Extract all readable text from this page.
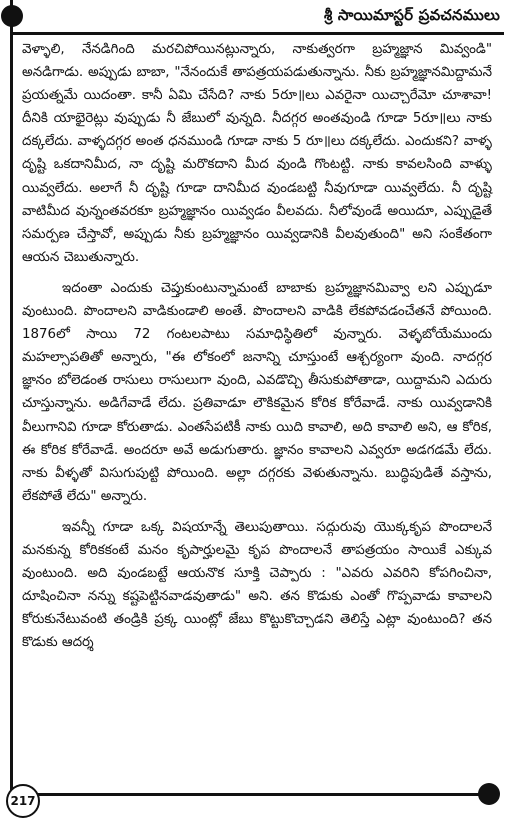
శ్రీ సాయిమాస్టర్ ప్రవచనములు

వెళ్ళాలి, నేనడిగింది మరచిపోయినట్లున్నారు, నాకుత్వరగా బ్రహ్మజ్ఞాన మివ్వండి" అనడిగాడు. అప్పుడు బాబా, "నేనందుకే తాపత్రయపడుతున్నాను. నీకు బ్రహ్మజ్ఞానమిద్దామనే ప్రయత్నమే యిదంతా. కానీ ఏమి చేసేది? నాకు 5రూ॥లు ఎవరైనా యిచ్చారేమో చూశావా! దీనికి యాభైరెట్లు వుప్పుడు నీ జేబులో వున్నది. నీదగ్గర అంతవుండి గూడా 5రూ॥లు నాకు దక్కలేదు. వాళ్ళదగ్గర అంత ధనముండి గూడా నాకు 5 రూ॥లు దక్కలేదు. ఎందుకని? వాళ్ళ దృష్టి ఒకదానిమీద, నా దృష్టి మరొకదాని మీద వుండి గొంటట్టి. నాకు కావలసింది వాళ్ళు యివ్వలేదు. అలాగే నీ దృష్టి గూడా దానిమీద వుండబట్టి నీవుగూడా యివ్వలేదు. నీ దృష్టి వాటిమీద వున్నంతవరకూ బ్రహ్మజ్ఞానం యివ్వడం వీలవదు. నీలోవుండే అయిదూ, ఎప్పుడైతే సమర్పణ చేస్తావో, అప్పుడు నీకు బ్రహ్మజ్ఞానం యివ్వడానికి వీలవుతుంది" అని సంకేతంగా ఆయన చెబుతున్నారు.

ఇదంతా ఎందుకు చెప్తుకుంటున్నామంటే బాబాకు బ్రహ్మజ్ఞానమివ్వా లని ఎప్పుడూ వుంటుంది. పొందాలని వాడికుండాలి అంతే. పొందాలని వాడికి లేకపోవడంచేతనే పోయింది. 1876లో సాయి 72 గంటలపాటు సమాధిస్థితిలో వున్నారు. వెళ్ళబోయేముందు మహల్సాపతితో అన్నారు, "ఈ లోకంలో జనాన్ని చూస్తుంటే ఆశ్చర్యంగా వుంది. నాదగ్గర జ్ఞానం బోలెడంత రాసులు రాసులుగా వుంది, ఎవడొచ్చి తీసుకుపోతాడా, యిద్దామని ఎదురు చూస్తున్నాను. అడిగేవాడే లేదు. ప్రతివాడూ లౌకికమైన కోరిక కోరేవాడే. నాకు యివ్వడానికి వీలుగానివి గూడా కోరుతాడు. ఎంతసేపటికీ నాకు యిది కావాలి, అది కావాలి అని, ఆ కోరిక, ఈ కోరిక కోరేవాడే. అందరూ అవే అడుగుతారు. జ్ఞానం కావాలని ఎవ్వరూ అడగడమే లేదు. నాకు వీళ్ళతో విసుగుపుట్టి పోయింది. అల్లా దగ్గరకు వెళుతున్నాను. బుద్ధిపుడితే వస్తాను, లేకపోతే లేదు" అన్నారు.

ఇవన్నీ గూడా ఒక్క విషయాన్నే తెలుపుతాయి. సద్గురువు యొక్కకృప పొందాలనే మనకున్న కోరికకంటే మనం కృపార్హులమై కృప పొందాలనే తాపత్రయం సాయికే ఎక్కువ వుంటుంది. అది వుండబట్టే ఆయనొక సూక్తి చెప్పారు : "ఎవరు ఎవరిని కోపగించినా, దూషించినా నన్ను కష్టపెట్టినవాడవుతాడు" అని. తన కొడుకు ఎంతో గొప్పవాడు కావాలని కోరుకునేటువంటి తండ్రికి ప్రక్క యింట్లో జేబు కొట్టుకొచ్చాడని తెలిస్తే ఎట్లా వుంటుంది? తన కొడుకు ఆదర్శ

217
